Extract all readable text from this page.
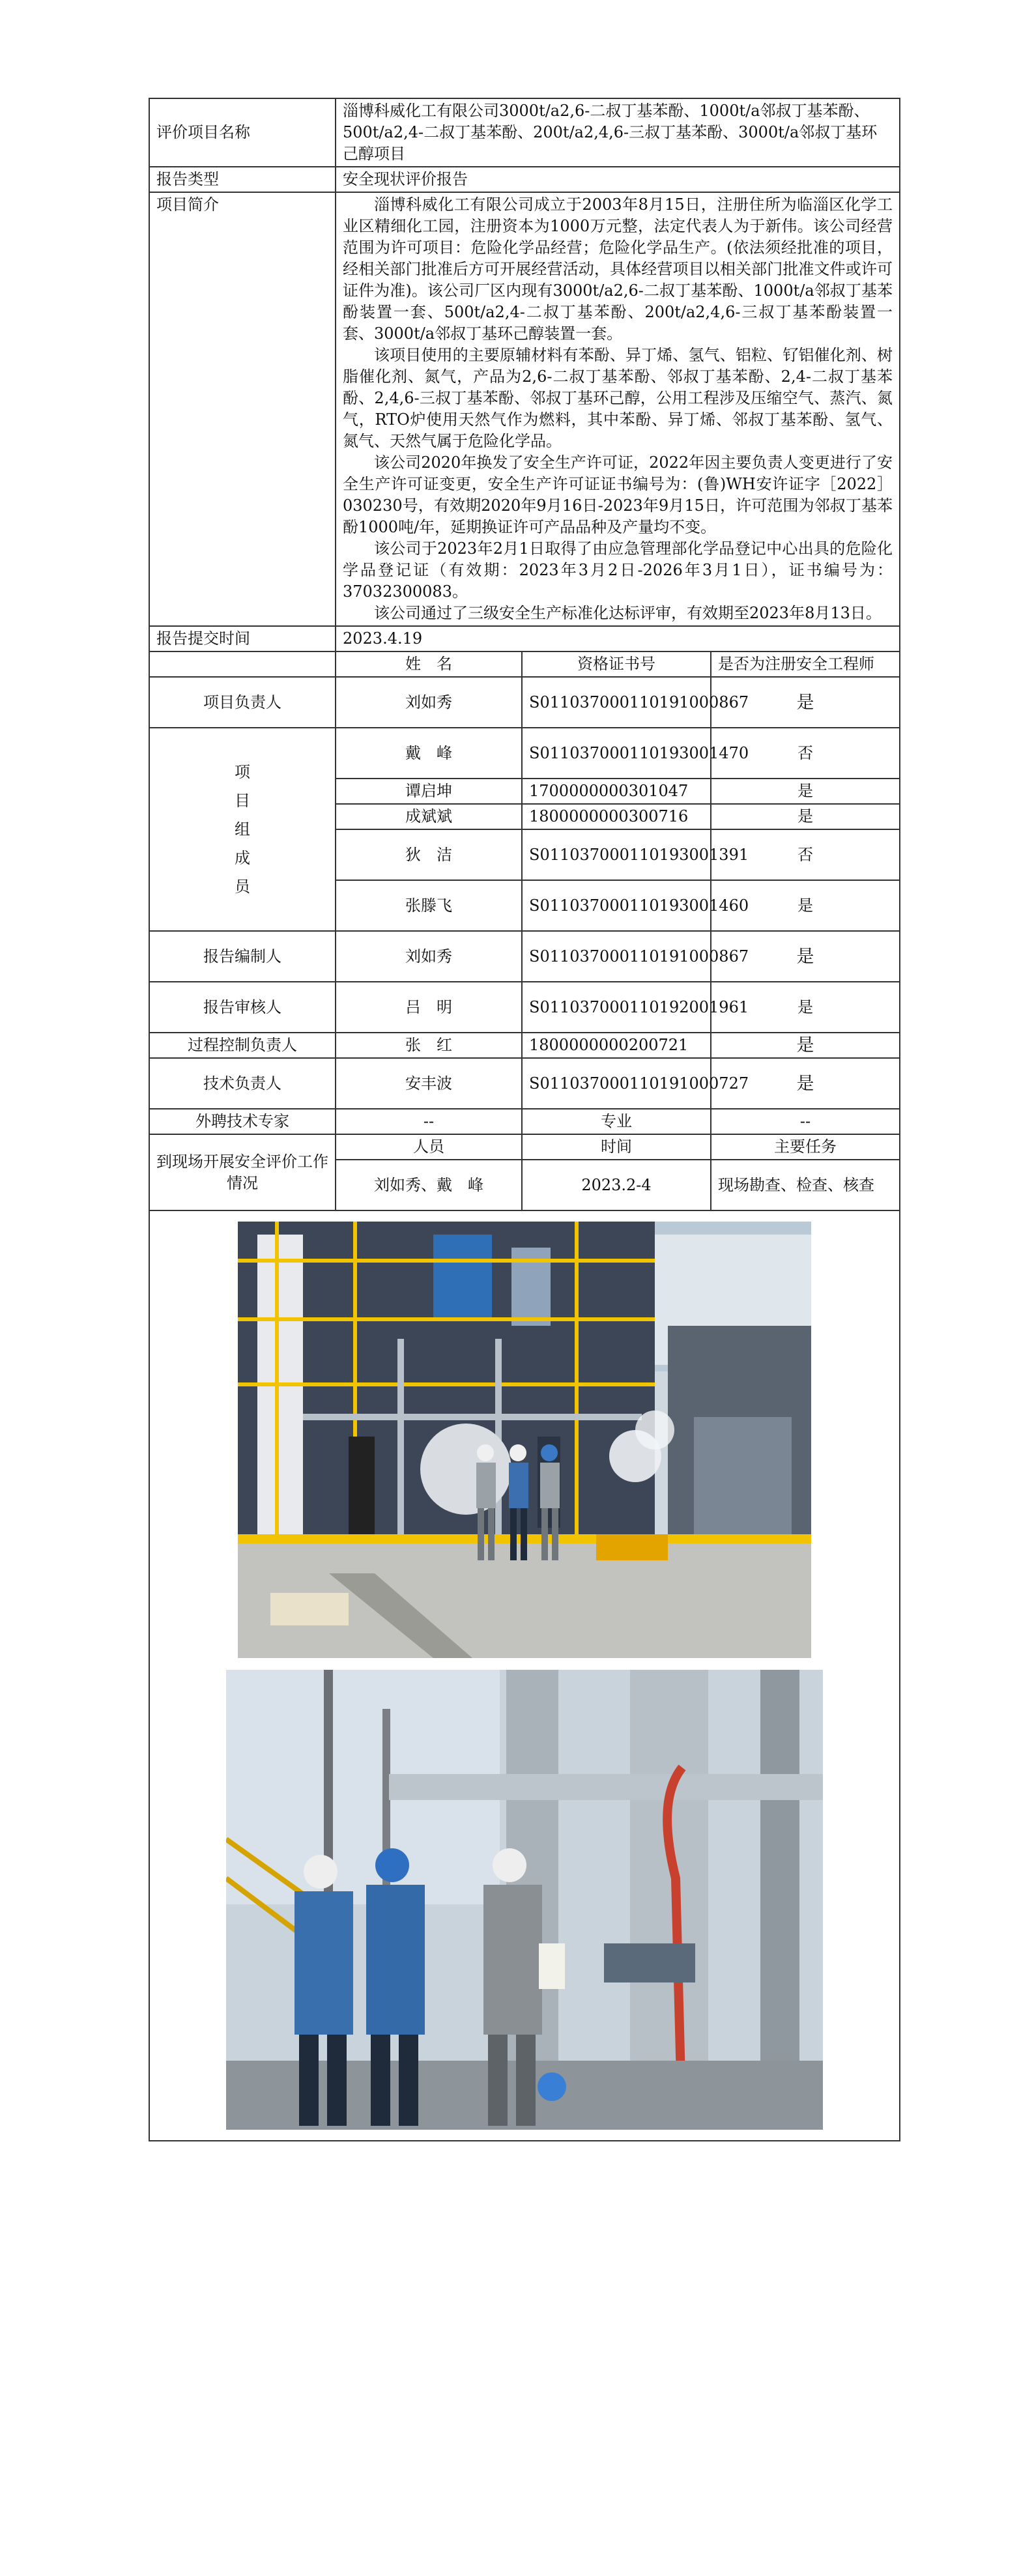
评价项目名称	淄博科威化工有限公司3000t/a2,6-二叔丁基苯酚、1000t/a邻叔丁基苯酚、500t/a2,4-二叔丁基苯酚、200t/a2,4,6-三叔丁基苯酚、3000t/a邻叔丁基环己醇项目		
报告类型	安全现状评价报告		
项目简介	淄博科威化工有限公司成立于2003年8月15日，注册住所为临淄区化学工业区精细化工园，注册资本为1000万元整，法定代表人为于新伟。该公司经营范围为许可项目：危险化学品经营；危险化学品生产。(依法须经批准的项目，经相关部门批准后方可开展经营活动，具体经营项目以相关部门批准文件或许可证件为准)。该公司厂区内现有3000t/a2,6-二叔丁基苯酚、1000t/a邻叔丁基苯酚装置一套、500t/a2,4-二叔丁基苯酚、200t/a2,4,6-三叔丁基苯酚装置一套、3000t/a邻叔丁基环己醇装置一套。

该项目使用的主要原辅材料有苯酚、异丁烯、氢气、铝粒、钌铝催化剂、树脂催化剂、氮气，产品为2,6-二叔丁基苯酚、邻叔丁基苯酚、2,4-二叔丁基苯酚、2,4,6-三叔丁基苯酚、邻叔丁基环己醇，公用工程涉及压缩空气、蒸汽、氮气，RTO炉使用天然气作为燃料，其中苯酚、异丁烯、邻叔丁基苯酚、氢气、氮气、天然气属于危险化学品。

该公司2020年换发了安全生产许可证，2022年因主要负责人变更进行了安全生产许可证变更，安全生产许可证证书编号为：(鲁)WH安许证字［2022］030230号，有效期2020年9月16日-2023年9月15日，许可范围为邻叔丁基苯酚1000吨/年，延期换证许可产品品种及产量均不变。

该公司于2023年2月1日取得了由应急管理部化学品登记中心出具的危险化学品登记证（有效期：2023年3月2日-2026年3月1日），证书编号为：37032300083。

该公司通过了三级安全生产标准化达标评审，有效期至2023年8月13日。		

报告提交时间	2023.4.19		
	姓　名	资格证书号	是否为注册安全工程师
项目负责人	刘如秀	S011037000110191000867	是

项
目
组
成
员	戴　峰	S011037000110193001470	否
	谭启坤	1700000000301047	是
	成斌斌	1800000000300716	是
	狄　洁	S011037000110193001391	否
	张滕飞	S011037000110193001460	是
报告编制人	刘如秀	S011037000110191000867	是
报告审核人	吕　明	S011037000110192001961	是
过程控制负责人	张　红	1800000000200721	是
技术负责人	安丰波	S011037000110191000727	是
外聘技术专家	--	专业	--
到现场开展安全评价工作情况	人员	时间	主要任务
	刘如秀、戴　峰	2023.2-4	现场勘查、检查、核查
